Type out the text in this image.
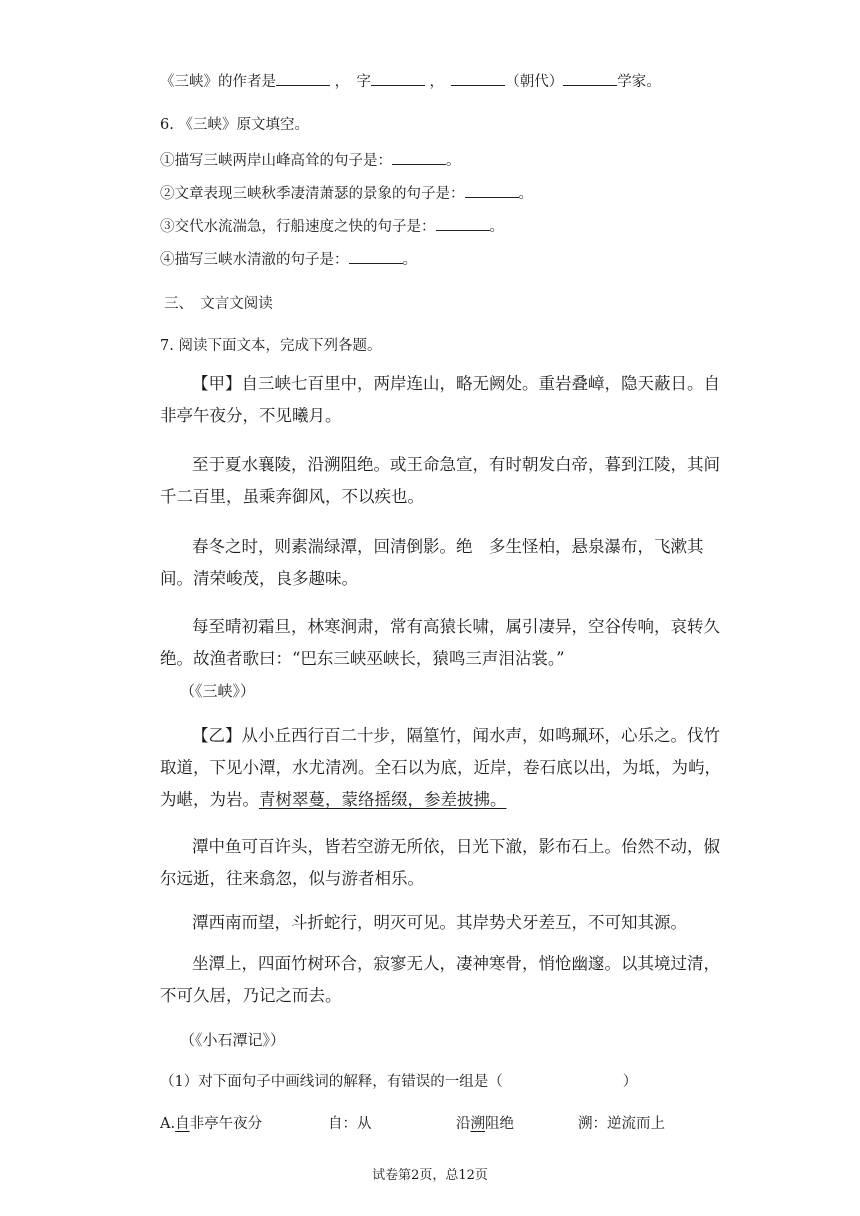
《三峡》的作者是	，　字	，　	（朝代）	学家。
6. 《三峡》原文填空。
①描写三峡两岸山峰高耸的句子是：	。
②文章表现三峡秋季凄清萧瑟的景象的句子是：	。
③交代水流湍急，行船速度之快的句子是：	。
④描写三峡水清澈的句子是：	。
三、　文言文阅读
7. 阅读下面文本，完成下列各题。
【甲】自三峡七百里中，两岸连山，略无阙处。重岩叠嶂，隐天蔽日。自非亭午夜分，不见曦月。
至于夏水襄陵，沿溯阻绝。或王命急宣，有时朝发白帝，暮到江陵，其间千二百里，虽乘奔御风，不以疾也。
春冬之时，则素湍绿潭，回清倒影。绝　多生怪柏，悬泉瀑布，飞漱其间。清荣峻茂，良多趣味。
每至晴初霜旦，林寒涧肃，常有高猿长啸，属引凄异，空谷传响，哀转久绝。故渔者歌曰：“巴东三峡巫峡长，猿鸣三声泪沾裳。”
（《三峡》）
【乙】从小丘西行百二十步，隔篁竹，闻水声，如鸣珮环，心乐之。伐竹取道，下见小潭，水尤清冽。全石以为底，近岸，卷石底以出，为坻，为屿，为嵁，为岩。青树翠蔓，蒙络摇缀，参差披拂。
潭中鱼可百许头，皆若空游无所依，日光下澈，影布石上。佁然不动，俶尔远逝，往来翕忽，似与游者相乐。
潭西南而望，斗折蛇行，明灭可见。其岸势犬牙差互，不可知其源。
坐潭上，四面竹树环合，寂寥无人，凄神寒骨，悄怆幽邃。以其境过清，不可久居，乃记之而去。
（《小石潭记》）
（1）对下面句子中画线词的解释，有错误的一组是（	）
A.自非亭午夜分	自：从	沿溯阻绝	溯：逆流而上
试卷第2页，总12页
